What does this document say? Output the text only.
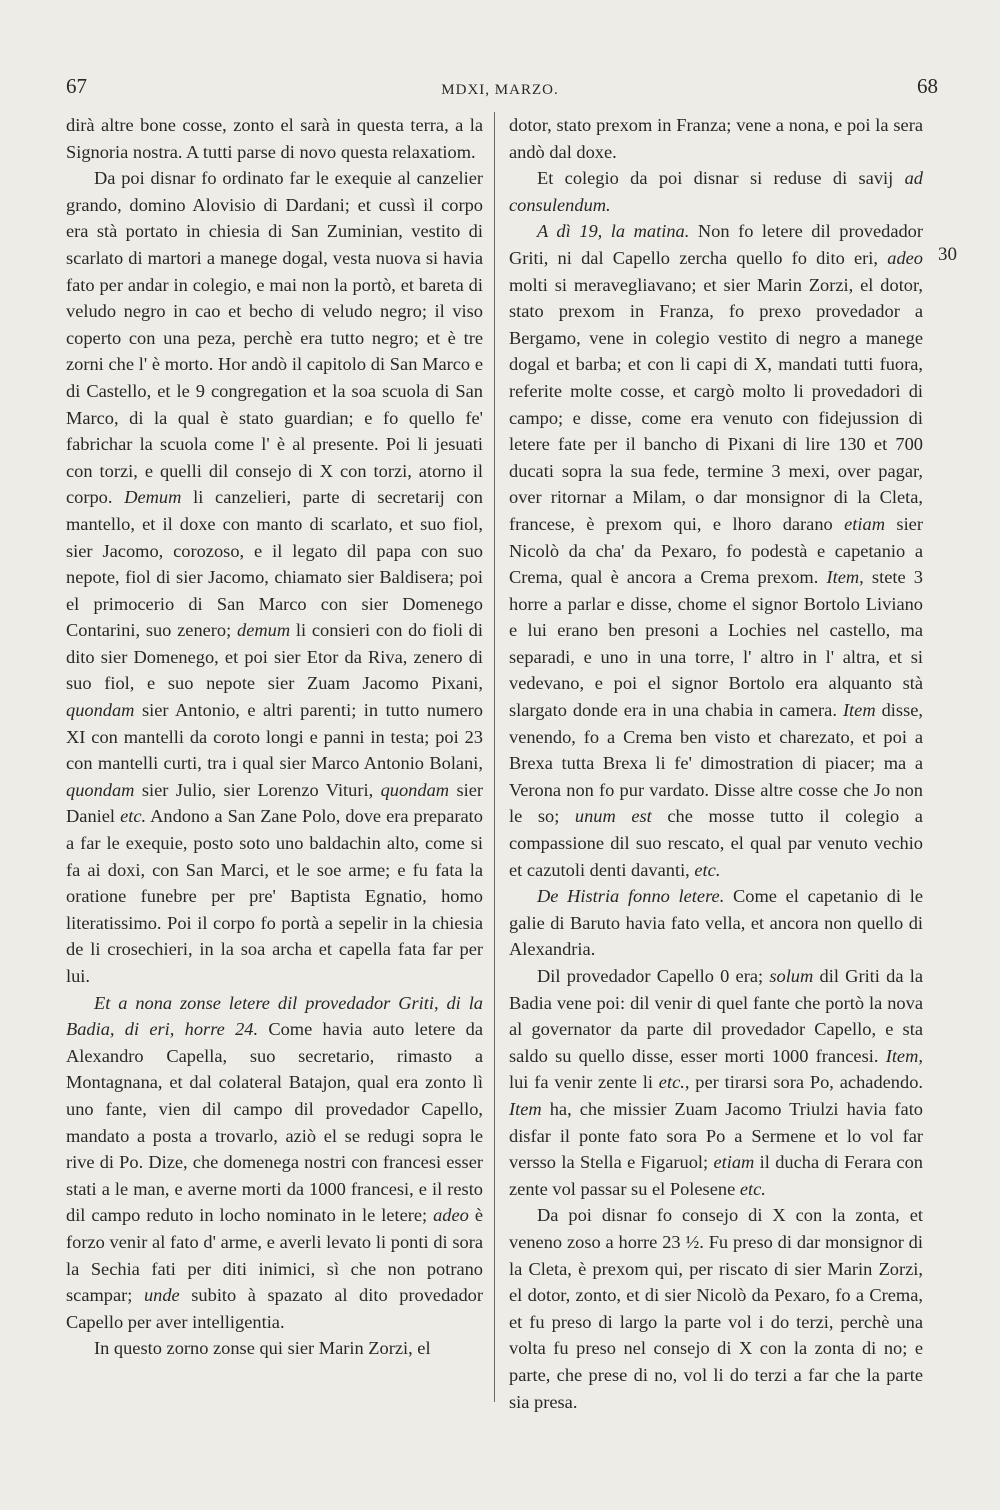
67	MDXI, MARZO.	68

dirà altre bone cosse, zonto el sarà in questa terra, a la Signoria nostra. A tutti parse di novo questa relaxatiom.

Da poi disnar fo ordinato far le exequie al canzelier grando, domino Alovisio di Dardani; et cussì il corpo era stà portato in chiesia di San Zuminian, vestito di scarlato di martori a manege dogal, vesta nuova si havia fato per andar in colegio, e mai non la portò, et bareta di veludo negro in cao et becho di veludo negro; il viso coperto con una peza, perchè era tutto negro; et è tre zorni che l' è morto. Hor andò il capitolo di San Marco e di Castello, et le 9 congregation et la soa scuola di San Marco, di la qual è stato guardian; e fo quello fe' fabrichar la scuola come l' è al presente. Poi li jesuati con torzi, e quelli dil consejo di X con torzi, atorno il corpo. Demum li canzelieri, parte di secretarij con mantello, et il doxe con manto di scarlato, et suo fiol, sier Jacomo, corozoso, e il legato dil papa con suo nepote, fiol di sier Jacomo, chiamato sier Baldisera; poi el primocerio di San Marco con sier Domenego Contarini, suo zenero; demum li consieri con do fioli di dito sier Domenego, et poi sier Etor da Riva, zenero di suo fiol, e suo nepote sier Zuam Jacomo Pixani, quondam sier Antonio, e altri parenti; in tutto numero XI con mantelli da coroto longi e panni in testa; poi 23 con mantelli curti, tra i qual sier Marco Antonio Bolani, quondam sier Julio, sier Lorenzo Vituri, quondam sier Daniel etc. Andono a San Zane Polo, dove era preparato a far le exequie, posto soto uno baldachin alto, come si fa ai doxi, con San Marci, et le soe arme; e fu fata la oratione funebre per pre' Baptista Egnatio, homo literatissimo. Poi il corpo fo portà a sepelir in la chiesia de li crosechieri, in la soa archa et capella fata far per lui.

Et a nona zonse letere dil provedador Griti, di la Badia, di eri, horre 24. Come havia auto letere da Alexandro Capella, suo secretario, rimasto a Montagnana, et dal colateral Batajon, qual era zonto lì uno fante, vien dil campo dil provedador Capello, mandato a posta a trovarlo, aziò el se redugi sopra le rive di Po. Dize, che domenega nostri con francesi esser stati a le man, e averne morti da 1000 francesi, e il resto dil campo reduto in locho nominato in le letere; adeo è forzo venir al fato d' arme, e averli levato li ponti di sora la Sechia fati per diti inimici, sì che non potrano scampar; unde subito à spazato al dito provedador Capello per aver intelligentia.

In questo zorno zonse qui sier Marin Zorzi, el

dotor, stato prexom in Franza; vene a nona, e poi la sera andò dal doxe.

Et colegio da poi disnar si reduse di savij ad consulendum.

A dì 19, la matina. Non fo letere dil provedador Griti, ni dal Capello zercha quello fo dito eri, adeo molti si meravegliavano; et sier Marin Zorzi, el dotor, stato prexom in Franza, fo prexo provedador a Bergamo, vene in colegio vestito di negro a manege dogal et barba; et con li capi di X, mandati tutti fuora, referite molte cosse, et cargò molto li provedadori di campo; e disse, come era venuto con fidejussion di letere fate per il bancho di Pixani di lire 130 et 700 ducati sopra la sua fede, termine 3 mexi, over pagar, over ritornar a Milam, o dar monsignor di la Cleta, francese, è prexom qui, e lhoro darano etiam sier Nicolò da cha' da Pexaro, fo podestà e capetanio a Crema, qual è ancora a Crema prexom. Item, stete 3 horre a parlar e disse, chome el signor Bortolo Liviano e lui erano ben presoni a Lochies nel castello, ma separadi, e uno in una torre, l' altro in l' altra, et si vedevano, e poi el signor Bortolo era alquanto stà slargato donde era in una chabia in camera. Item disse, venendo, fo a Crema ben visto et charezato, et poi a Brexa tutta Brexa li fe' dimostration di piacer; ma a Verona non fo pur vardato. Disse altre cosse che Jo non le so; unum est che mosse tutto il colegio a compassione dil suo rescato, el qual par venuto vechio et cazutoli denti davanti, etc.

De Histria fonno letere. Come el capetanio di le galie di Baruto havia fato vella, et ancora non quello di Alexandria.

Dil provedador Capello 0 era; solum dil Griti da la Badia vene poi: dil venir di quel fante che portò la nova al governator da parte dil provedador Capello, e sta saldo su quello disse, esser morti 1000 francesi. Item, lui fa venir zente li etc., per tirarsi sora Po, achadendo. Item ha, che missier Zuam Jacomo Triulzi havia fato disfar il ponte fato sora Po a Sermene et lo vol far versso la Stella e Figaruol; etiam il ducha di Ferara con zente vol passar su el Polesene etc.

Da poi disnar fo consejo di X con la zonta, et veneno zoso a horre 23 ½. Fu preso di dar monsignor di la Cleta, è prexom qui, per riscato di sier Marin Zorzi, el dotor, zonto, et di sier Nicolò da Pexaro, fo a Crema, et fu preso di largo la parte vol i do terzi, perchè una volta fu preso nel consejo di X con la zonta di no; e parte, che prese di no, vol li do terzi a far che la parte sia presa.

30
